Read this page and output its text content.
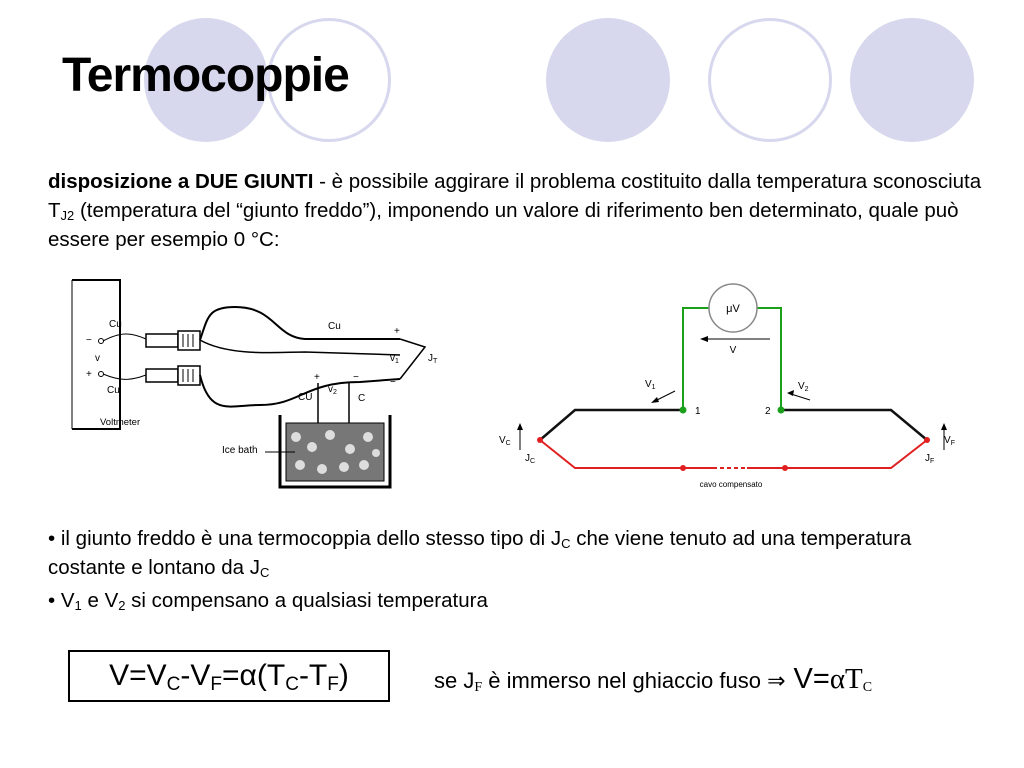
Termocoppie

disposizione a DUE GIUNTI - è possibile aggirare il problema costituito dalla temperatura sconosciuta $T_{J2}$ (temperatura del “giunto freddo”), imponendo un valore di riferimento ben determinato, quale può essere per esempio 0 °C:

Voltmeter
Cu
−
v
+
Cu
Cu	+
$v_1$
−
$J_T$
+
$v_2$
−
CU	C
Ice bath
μV
V
$V_1$	$V_2$
1	2
$V_C$
$J_C$
$V_F$
$J_F$
cavo compensato

• il giunto freddo è una termocoppia dello stesso tipo di $J_C$ che viene tenuto ad una temperatura costante e lontano da $J_C$

• $V_1$ e $V_2$ si compensano a qualsiasi temperatura

$V=V_C-V_F=\alpha(T_C-T_F)$	se $J_F$ è immerso nel ghiaccio fuso ⇒ $V=\alpha T_C$
